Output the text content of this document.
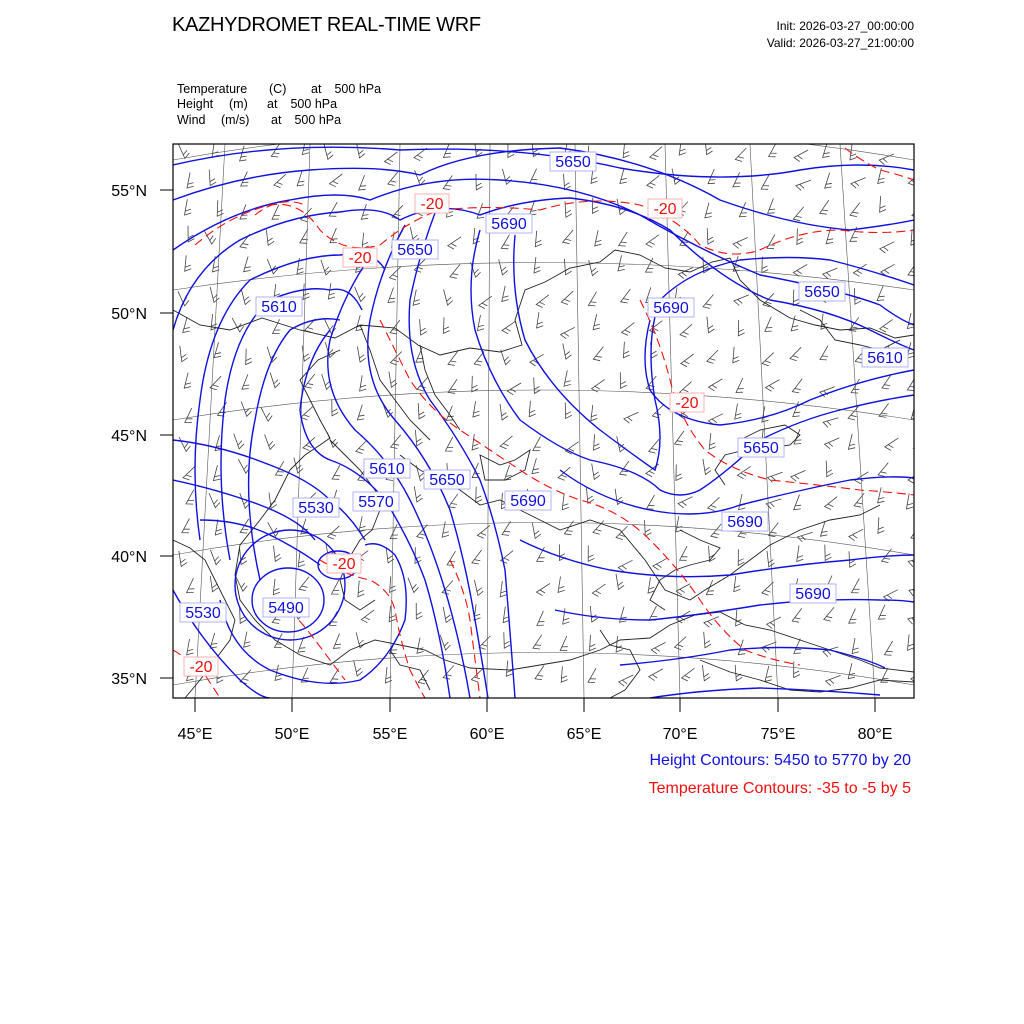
55°N
50°N
45°N
40°N
35°N
45°E	50°E	55°E	60°E	65°E	70°E	75°E	80°E
5650
5690
5650
5610
5650
5690
5610
5650
5610
5650
5690
5530 5570	5690
5530	5490
5690
-20	-20
-20
-20
-20
-20
KAZHYDROMET REAL-TIME WRF	Init: 2026-03-27_00:00:00
Valid: 2026-03-27_21:00:00
Temperature (C) at 500 hPa
Height (m) at 500 hPa
Wind (m/s) at 500 hPa
Height Contours: 5450 to 5770 by 20
Temperature Contours: -35 to -5 by 5
